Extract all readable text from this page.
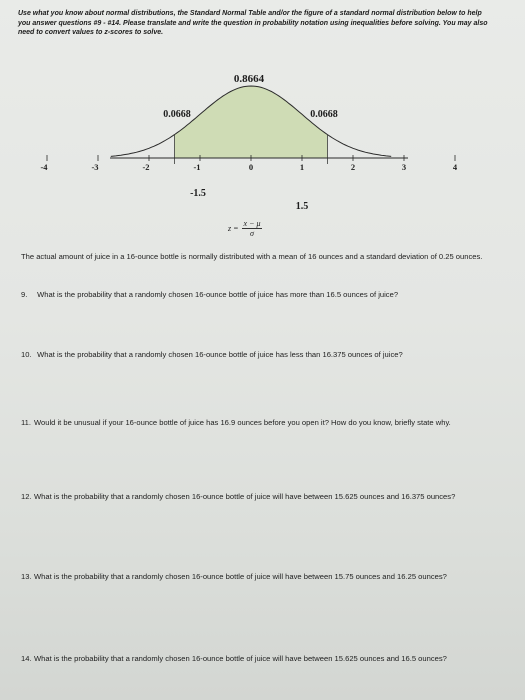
Use what you know about normal distributions, the Standard Normal Table and/or the figure of a standard normal distribution below to help you answer questions #9 - #14. Please translate and write the question in probability notation using inequalities before solving. You may also need to convert values to z-scores to solve.
-4	-3	-2	-1	0	1	2	3	4
0.8664
0.0668	0.0668
-1.5
1.5
$z = \frac{x - \mu}{\sigma}$
The actual amount of juice in a 16-ounce bottle is normally distributed with a mean of 16 ounces and a standard deviation of 0.25 ounces.
9. What is the probability that a randomly chosen 16-ounce bottle of juice has more than 16.5 ounces of juice?
10. What is the probability that a randomly chosen 16-ounce bottle of juice has less than 16.375 ounces of juice?
11. Would it be unusual if your 16-ounce bottle of juice has 16.9 ounces before you open it? How do you know, briefly state why.
12. What is the probability that a randomly chosen 16-ounce bottle of juice will have between 15.625 ounces and 16.375 ounces?
13. What is the probability that a randomly chosen 16-ounce bottle of juice will have between 15.75 ounces and 16.25 ounces?
14. What is the probability that a randomly chosen 16-ounce bottle of juice will have between 15.625 ounces and 16.5 ounces?
